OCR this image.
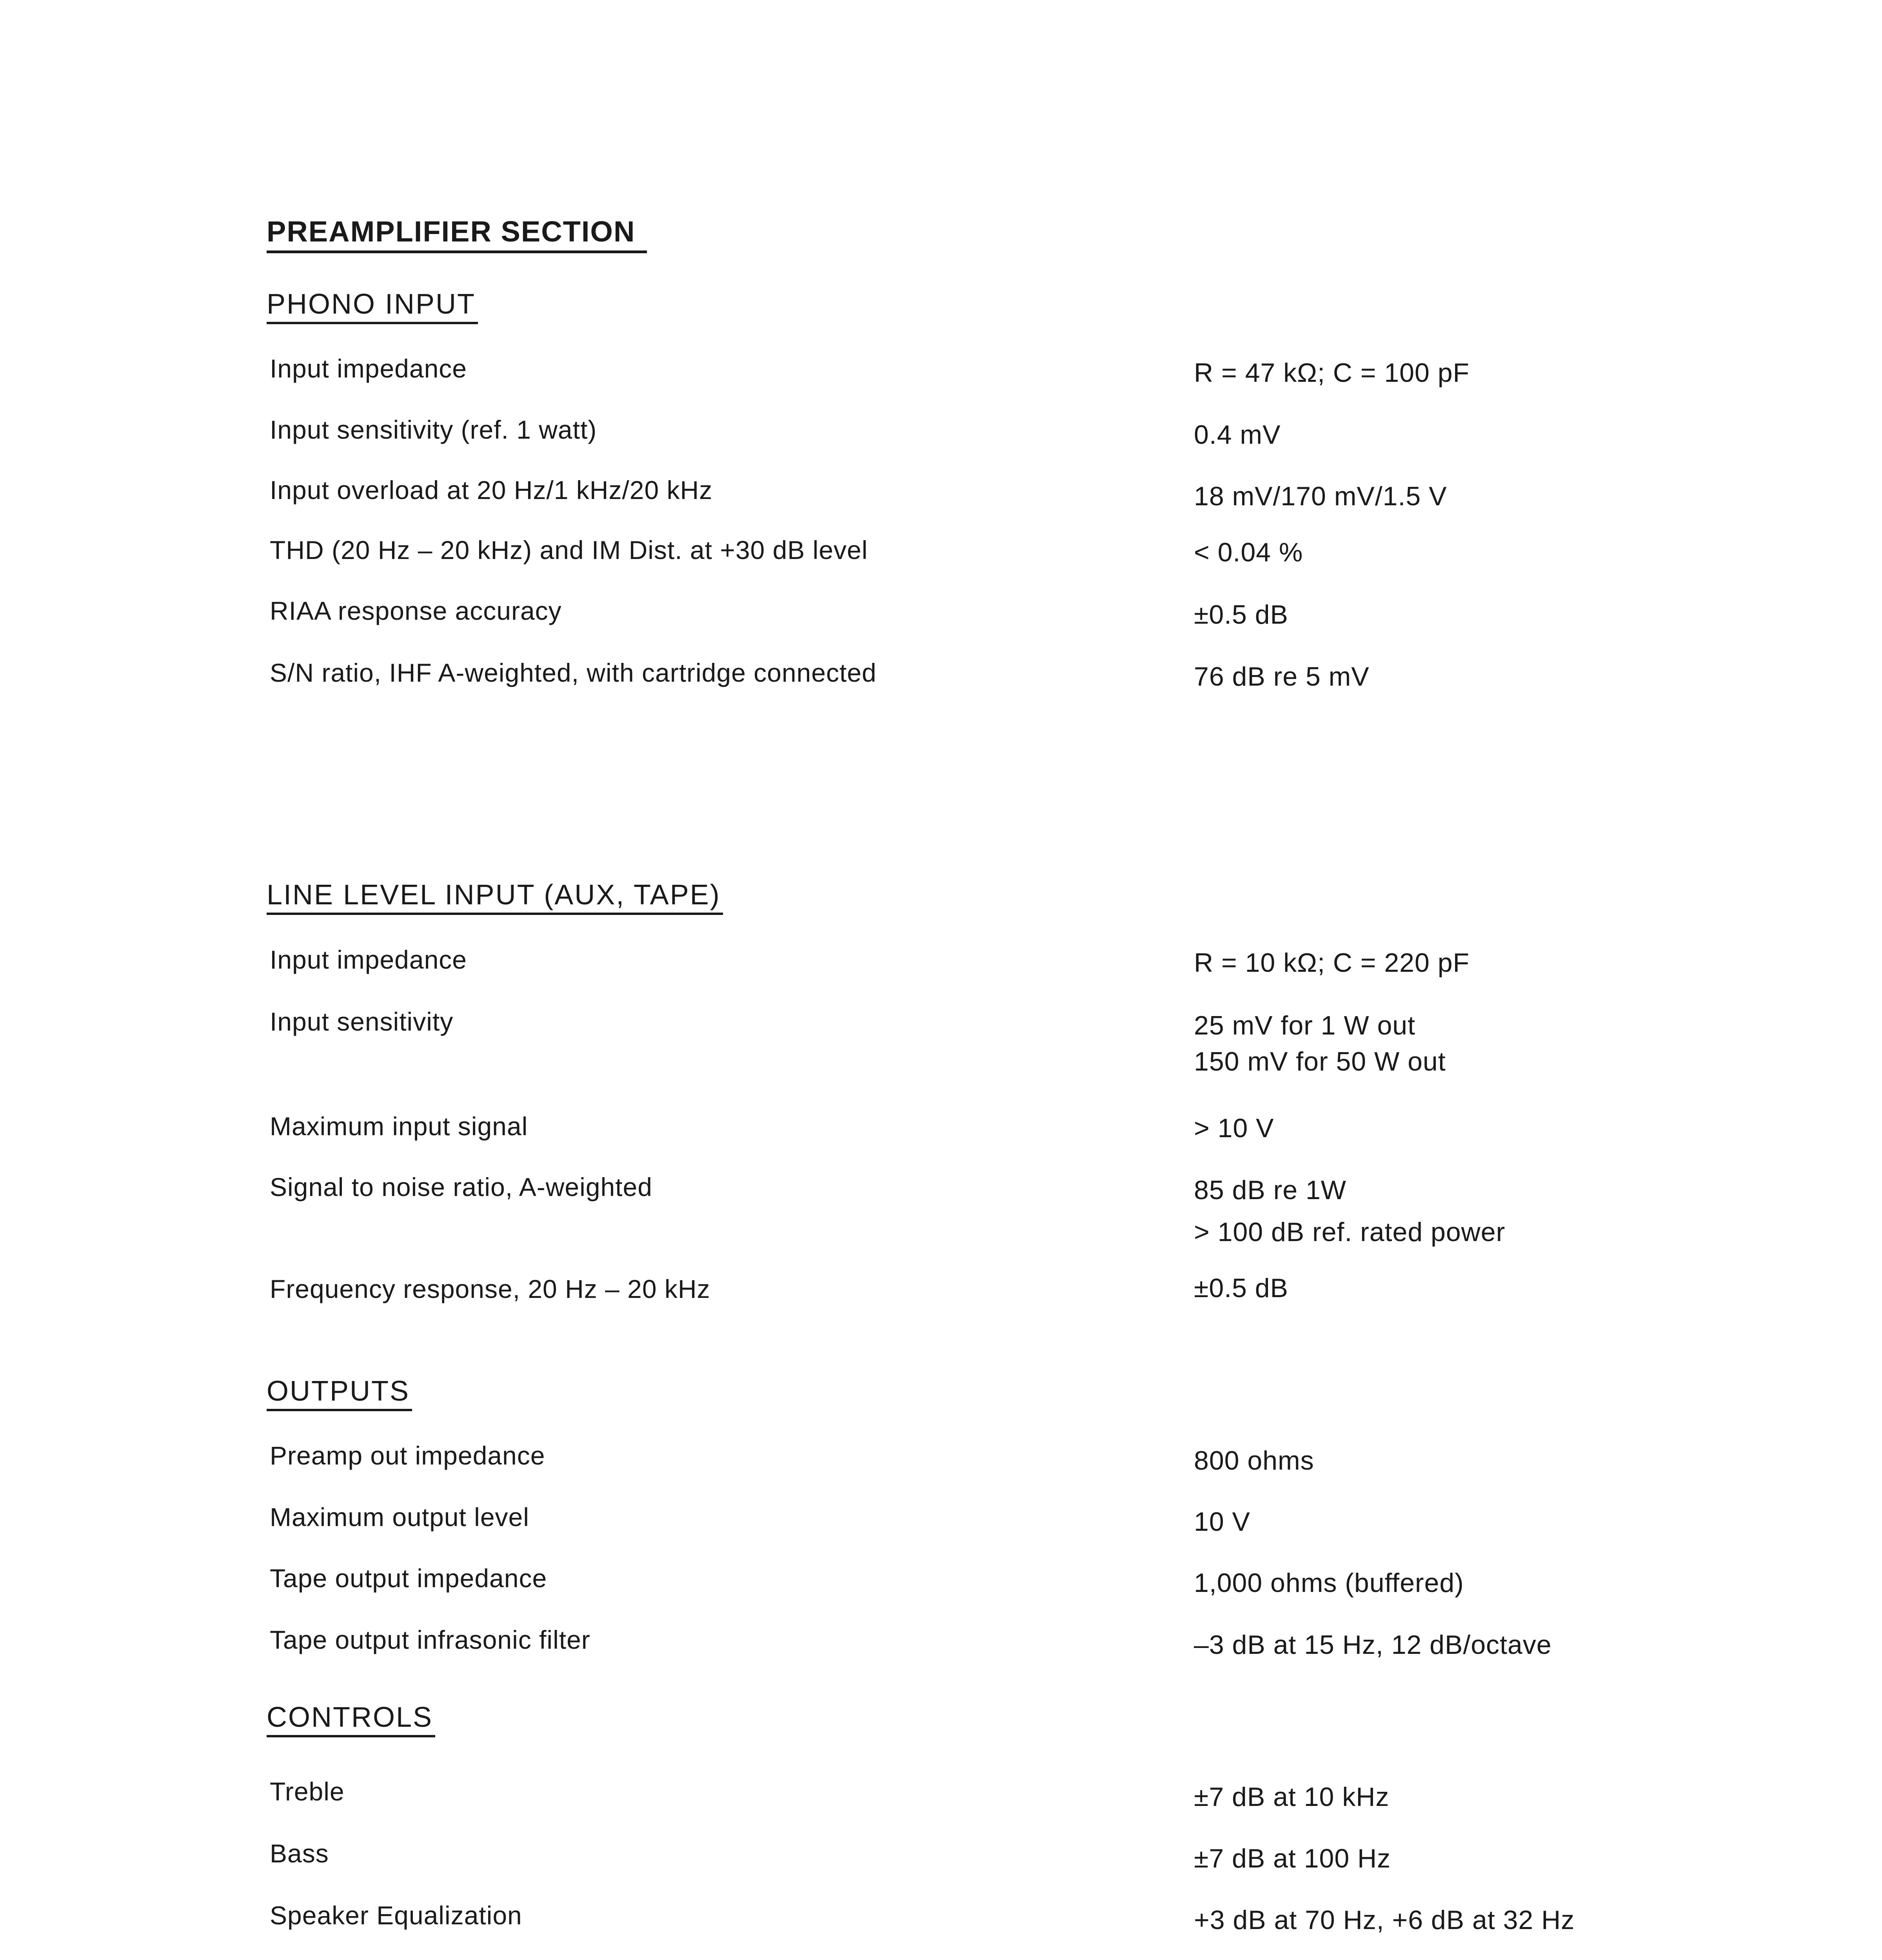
PREAMPLIFIER SECTION
PHONO INPUT
Input impedance	R = 47 kΩ; C = 100 pF
Input sensitivity (ref. 1 watt)	0.4 mV
Input overload at 20 Hz/1 kHz/20 kHz	18 mV/170 mV/1.5 V
THD (20 Hz – 20 kHz) and IM Dist. at +30 dB level	< 0.04 %
RIAA response accuracy	±0.5 dB
S/N ratio, IHF A-weighted, with cartridge connected	76 dB re 5 mV
LINE LEVEL INPUT (AUX, TAPE)
Input impedance	R = 10 kΩ; C = 220 pF
Input sensitivity	25 mV for 1 W out
150 mV for 50 W out
Maximum input signal	> 10 V
Signal to noise ratio, A-weighted	85 dB re 1W
> 100 dB ref. rated power
Frequency response, 20 Hz – 20 kHz	±0.5 dB
OUTPUTS
Preamp out impedance	800 ohms
Maximum output level	10 V
Tape output impedance	1,000 ohms (buffered)
Tape output infrasonic filter	–3 dB at 15 Hz, 12 dB/octave
CONTROLS
Treble	±7 dB at 10 kHz
Bass	±7 dB at 100 Hz
Speaker Equalization	+3 dB at 70 Hz, +6 dB at 32 Hz
